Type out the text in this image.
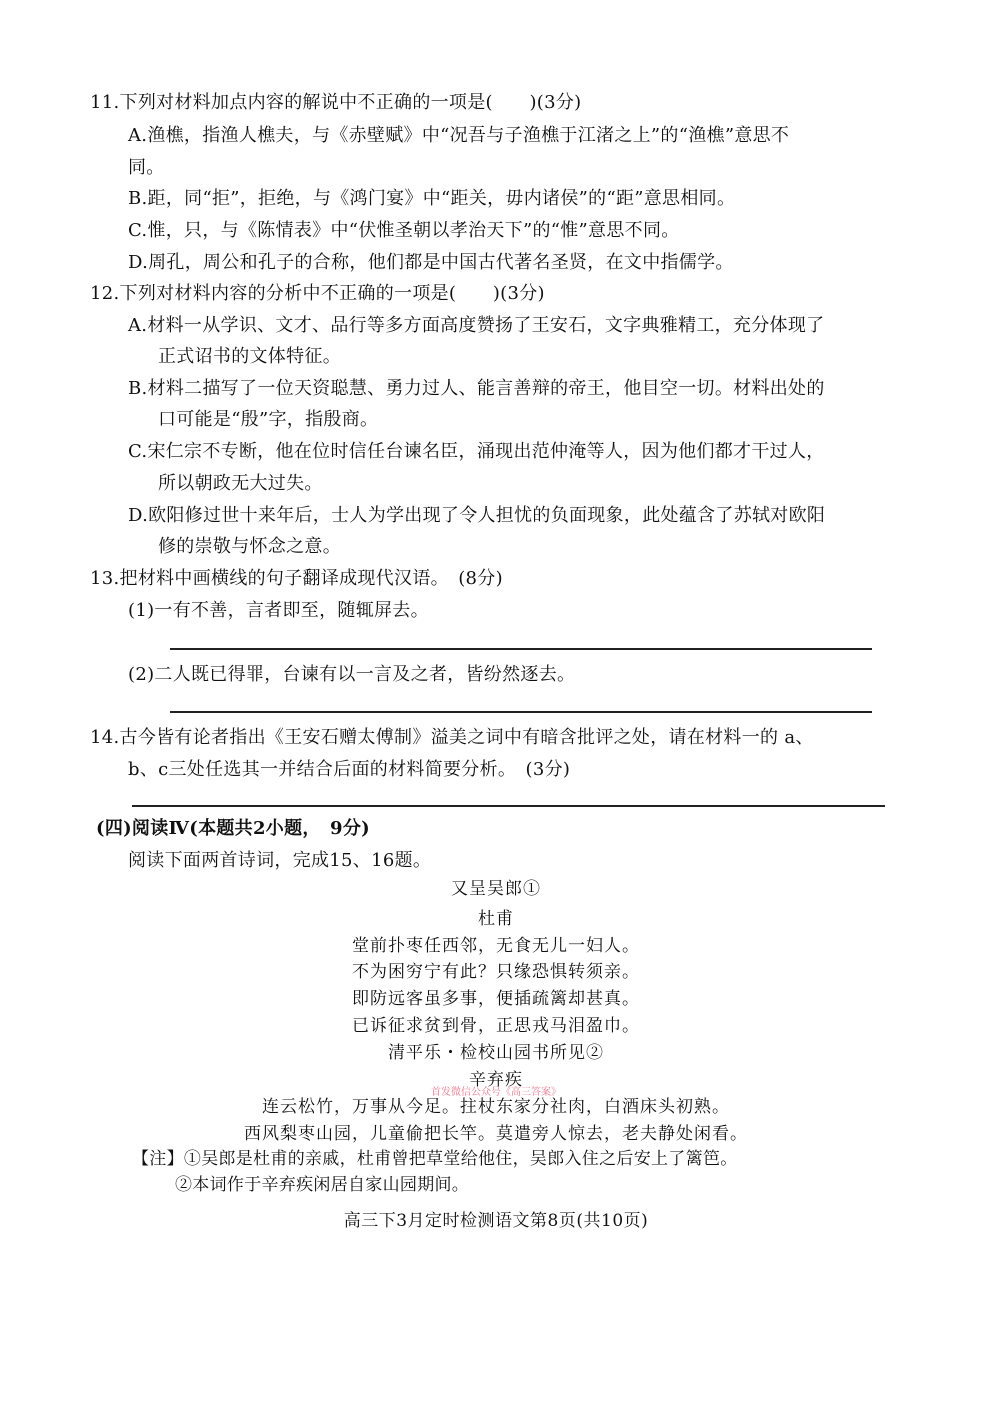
11.下列对材料加点内容的解说中不正确的一项是(　　)(3分)
A.渔樵，指渔人樵夫，与《赤壁赋》中“况吾与子渔樵于江渚之上”的“渔樵”意思不
同。
B.距，同“拒”，拒绝，与《鸿门宴》中“距关，毋内诸侯”的“距”意思相同。
C.惟，只，与《陈情表》中“伏惟圣朝以孝治天下”的“惟”意思不同。
D.周孔，周公和孔子的合称，他们都是中国古代著名圣贤，在文中指儒学。
12.下列对材料内容的分析中不正确的一项是(　　)(3分)
A.材料一从学识、文才、品行等多方面高度赞扬了王安石，文字典雅精工，充分体现了
正式诏书的文体特征。
B.材料二描写了一位天资聪慧、勇力过人、能言善辩的帝王，他目空一切。材料出处的
口可能是“殷”字，指殷商。
C.宋仁宗不专断，他在位时信任台谏名臣，涌现出范仲淹等人，因为他们都才干过人，
所以朝政无大过失。
D.欧阳修过世十来年后，士人为学出现了令人担忧的负面现象，此处蕴含了苏轼对欧阳
修的崇敬与怀念之意。
13.把材料中画横线的句子翻译成现代汉语。　(8分)
(1)一有不善，言者即至，随辄屏去。
(2)二人既已得罪，台谏有以一言及之者，皆纷然逐去。
14.古今皆有论者指出《王安石赠太傅制》溢美之词中有暗含批评之处，请在材料一的 a、
b、c三处任选其一并结合后面的材料简要分析。　(3分)
(四)阅读Ⅳ(本题共2小题，　9分)
阅读下面两首诗词，完成15、16题。
又呈吴郎①
杜甫
堂前扑枣任西邻，无食无儿一妇人。
不为困穷宁有此？只缘恐惧转须亲。
即防远客虽多事，便插疏篱却甚真。
已诉征求贫到骨，正思戎马泪盈巾。
清平乐・检校山园书所见②
辛弃疾
首发微信公众号《高三答案》
连云松竹，万事从今足。拄杖东家分社肉，白酒床头初熟。
西风梨枣山园，儿童偷把长竿。莫遣旁人惊去，老夫静处闲看。
【注】①吴郎是杜甫的亲戚，杜甫曾把草堂给他住，吴郎入住之后安上了篱笆。
②本词作于辛弃疾闲居自家山园期间。
高三下3月定时检测语文第8页(共10页)
